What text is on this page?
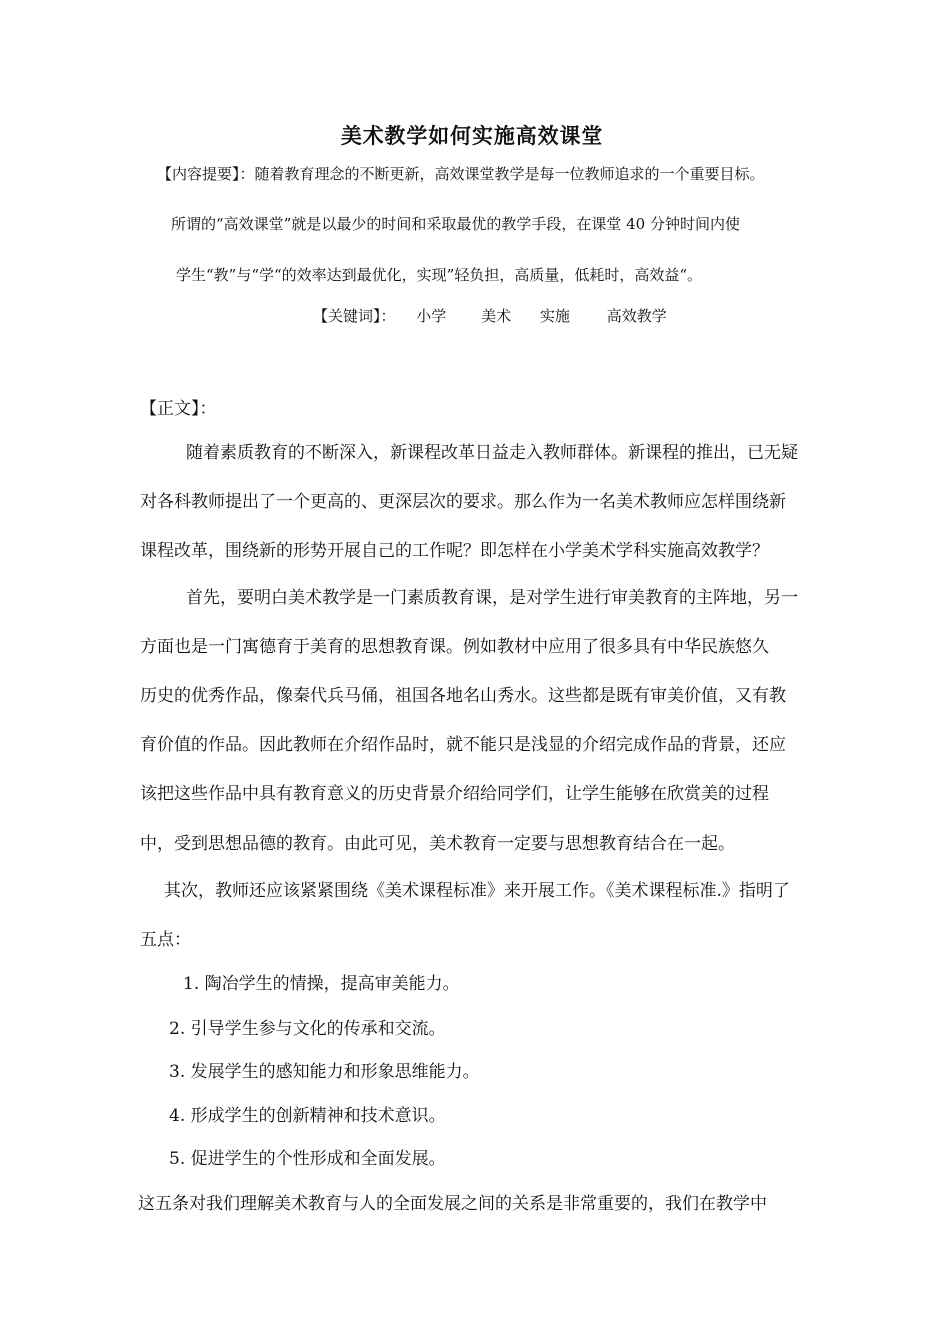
美术教学如何实施高效课堂

【内容提要】：随着教育理念的不断更新，高效课堂教学是每一位教师追求的一个重要目标。

所谓的“高效课堂”就是以最少的时间和采取最优的教学手段，在课堂 40 分钟时间内使

学生“教”与“学“的效率达到最优化，实现”轻负担，高质量，低耗时，高效益“。

【关键词】： 小学 美术 实施 高效教学

【正文】：

随着素质教育的不断深入，新课程改革日益走入教师群体。新课程的推出，已无疑

对各科教师提出了一个更高的、更深层次的要求。那么作为一名美术教师应怎样围绕新

课程改革，围绕新的形势开展自己的工作呢？即怎样在小学美术学科实施高效教学？

首先，要明白美术教学是一门素质教育课，是对学生进行审美教育的主阵地，另一

方面也是一门寓德育于美育的思想教育课。例如教材中应用了很多具有中华民族悠久

历史的优秀作品，像秦代兵马俑，祖国各地名山秀水。这些都是既有审美价值，又有教

育价值的作品。因此教师在介绍作品时，就不能只是浅显的介绍完成作品的背景，还应

该把这些作品中具有教育意义的历史背景介绍给同学们，让学生能够在欣赏美的过程

中，受到思想品德的教育。由此可见，美术教育一定要与思想教育结合在一起。

其次，教师还应该紧紧围绕《美术课程标准》来开展工作。《美术课程标准.》指明了

五点：

1. 陶冶学生的情操，提高审美能力。

2. 引导学生参与文化的传承和交流。

3. 发展学生的感知能力和形象思维能力。

4. 形成学生的创新精神和技术意识。

5. 促进学生的个性形成和全面发展。

这五条对我们理解美术教育与人的全面发展之间的关系是非常重要的，我们在教学中
